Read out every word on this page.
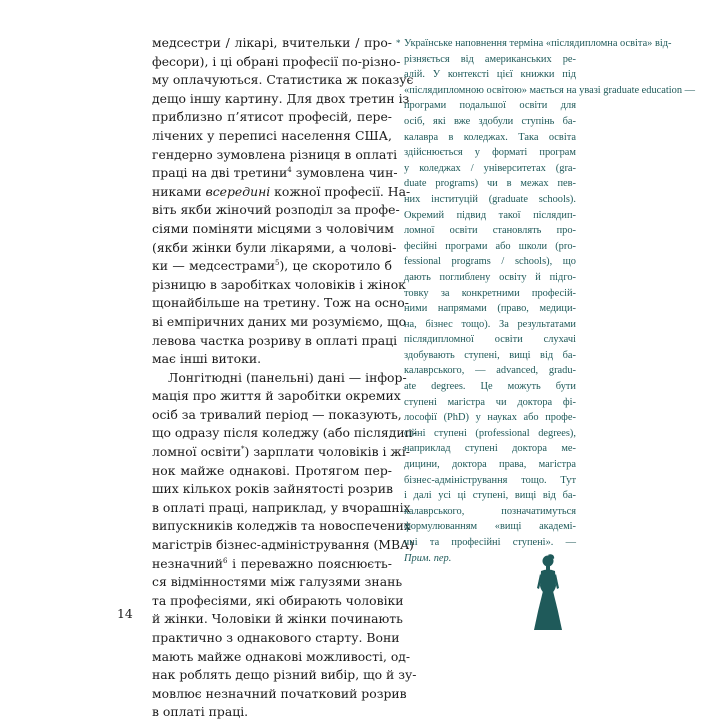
медсестри / лікарі, вчительки / про-
фесори), і ці обрані професії по-різно-
му оплачуються. Статистика ж показує
дещо іншу картину. Для двох третин із
приблизно п’ятисот професій, пере-
лічених у переписі населення США,
гендерно зумовлена різниця в оплаті
праці на дві третини$^4$ зумовлена чин-
никами всередині кожної професії. На-
віть якби жіночий розподіл за профе-
сіями поміняти місцями з чоловічим
(якби жінки були лікарями, а чолові-
ки — медсестрами$^5$), це скоротило б
різницю в заробітках чоловіків і жінок
щонайбільше на третину. Тож на осно-
ві емпіричних даних ми розуміємо, що
левова частка розриву в оплаті праці
має інші витоки.
Лонгітюдні (панельні) дані — інфор-
мація про життя й заробітки окремих
осіб за тривалий період — показують,
що одразу після коледжу (або післядип-
ломної освіти*) зарплати чоловіків і жі-
нок майже однакові. Протягом пер-
ших кількох років зайнятості розрив
в оплаті праці, наприклад, у вчорашніх
випускників коледжів та новоспечених
магістрів бізнес-адміністрування (MBA)
незначний$^6$ і переважно пояснюєть-
ся відмінностями між галузями знань
та професіями, які обирають чоловіки
й жінки. Чоловіки й жінки починають
практично з однакового старту. Вони
мають майже однакові можливості, од-
нак роблять дещо різний вибір, що й зу-
мовлює незначний початковий розрив
в оплаті праці.
* Українське наповнення терміна «післядипломна освіта» від-
різняється від американських ре-
алій. У контексті цієї книжки під
«післядипломною освітою» мається на увазі graduate education —
програми подальшої освіти для
осіб, які вже здобули ступінь ба-
калавра в коледжах. Така освіта
здійснюється у форматі програм
у коледжах / університетах (gra-
duate programs) чи в межах пев-
них інституцій (graduate schools).
Окремий підвид такої післядип-
ломної освіти становлять про-
фесійні програми або школи (pro-
fessional programs / schools), що
дають поглиблену освіту й підго-
товку за конкретними професій-
ними напрямами (право, медици-
на, бізнес тощо). За результатами
післядипломної освіти слухачі
здобувають ступені, вищі від ба-
калаврського, — advanced, gradu-
ate degrees. Це можуть бути
ступені магістра чи доктора фі-
лософії (PhD) у науках або профе-
сійні ступені (professional degrees),
наприклад ступені доктора ме-
дицини, доктора права, магістра
бізнес-адміністрування тощо. Тут
і далі усі ці ступені, вищі від ба-
калаврського, позначатимуться
формулюванням «вищі академі-
чні та професійні ступені». —
Прим. пер.
14
